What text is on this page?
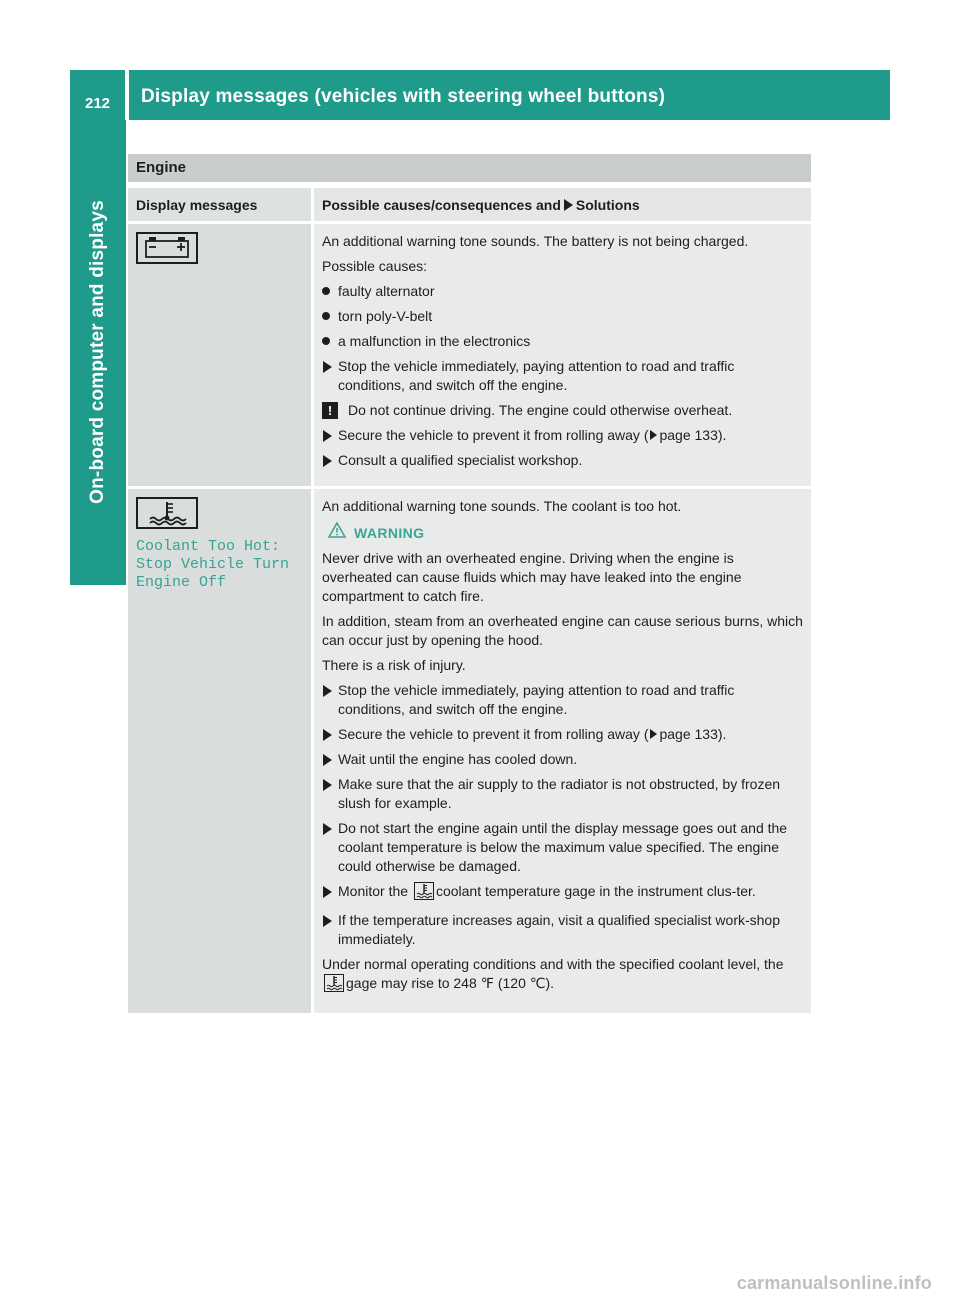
212	Display messages (vehicles with steering wheel buttons)
On-board computer and displays
Engine
Display messages	Possible causes/consequences and Solutions

An additional warning tone sounds. The battery is not being charged.

Possible causes:

faulty alternator
torn poly-V-belt
a malfunction in the electronics
Stop the vehicle immediately, paying attention to road and traffic conditions, and switch off the engine.
!	Do not continue driving. The engine could otherwise overheat.
Secure the vehicle to prevent it from rolling away ( page 133).
Consult a qualified specialist workshop.
Coolant Too Hot:
Stop Vehicle Turn
Engine Off

An additional warning tone sounds. The coolant is too hot.

WARNING

Never drive with an overheated engine. Driving when the engine is overheated can cause fluids which may have leaked into the engine compartment to catch fire.

In addition, steam from an overheated engine can cause serious burns, which can occur just by opening the hood.

There is a risk of injury.

Stop the vehicle immediately, paying attention to road and traffic conditions, and switch off the engine.
Secure the vehicle to prevent it from rolling away ( page 133).
Wait until the engine has cooled down.
Make sure that the air supply to the radiator is not obstructed, by frozen slush for example.
Do not start the engine again until the display message goes out and the coolant temperature is below the maximum value specified. The engine could otherwise be damaged.
Monitor the coolant temperature gage in the instrument clus-ter.
If the temperature increases again, visit a qualified specialist work-shop immediately.

Under normal operating conditions and with the specified coolant level, the gage may rise to 248 ℉ (120 ℃).

carmanualsonline.info
